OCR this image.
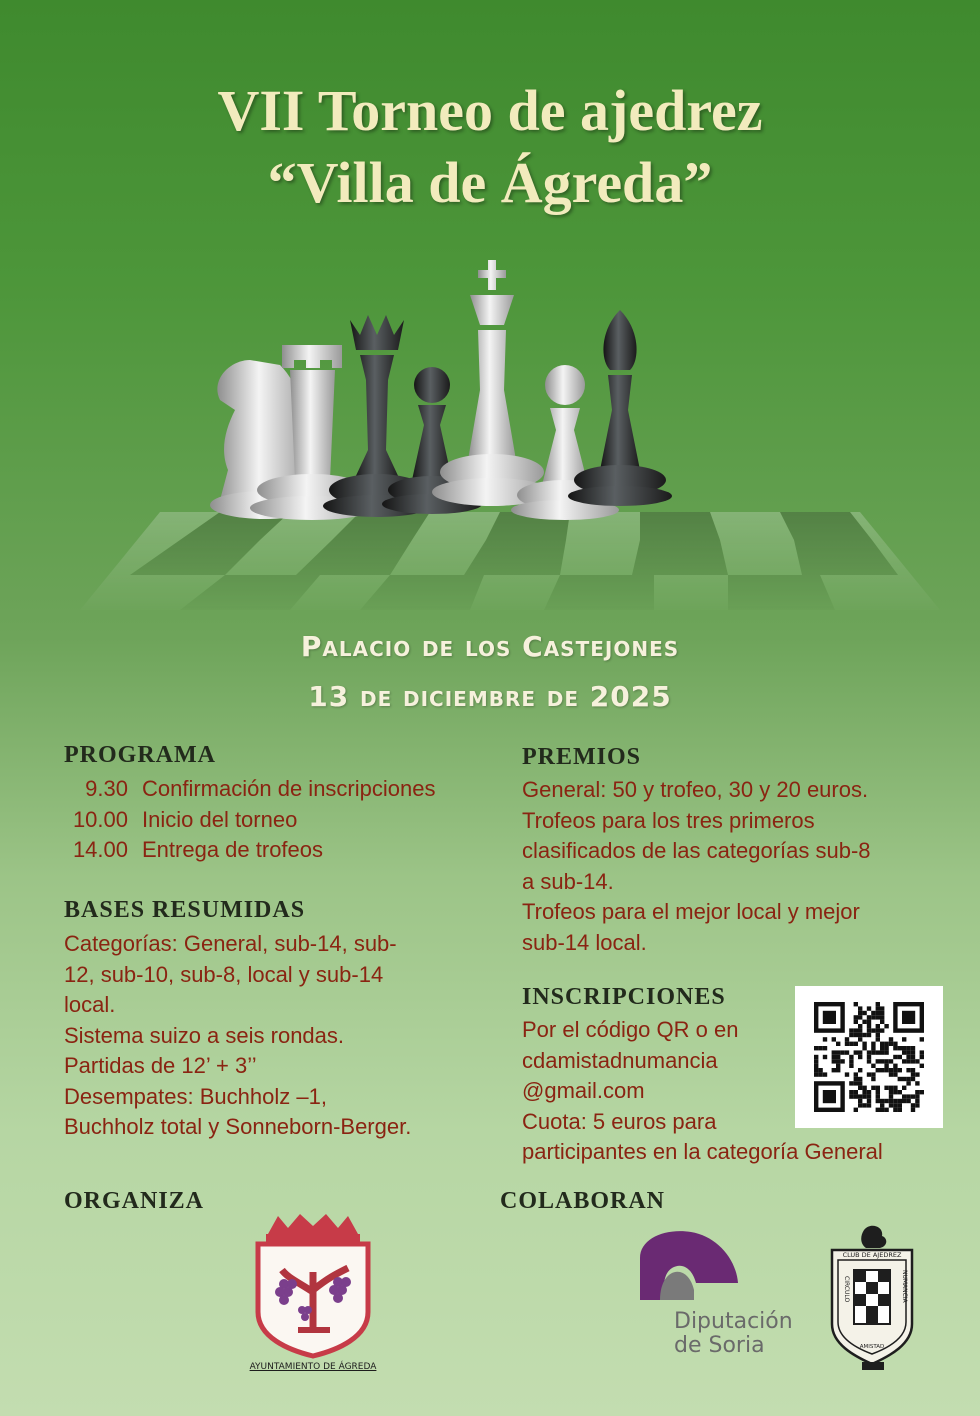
VII Torneo de ajedrez
“Villa de Ágreda”
Palacio de los Castejones
13 de diciembre de 2025
PROGRAMA
9.30 Confirmación de inscripciones
10.00 Inicio del torneo
14.00 Entrega de trofeos
BASES RESUMIDAS
Categorías: General, sub-14, sub-
12, sub-10, sub-8, local y sub-14
local.
Sistema suizo a seis rondas.
Partidas de 12’ + 3’’
Desempates: Buchholz –1,
Buchholz total y Sonneborn-Berger.
PREMIOS
General: 50 y trofeo, 30 y 20 euros.
Trofeos para los tres primeros
clasificados de las categorías sub-8
a sub-14.
Trofeos para el mejor local y mejor
sub-14 local.
INSCRIPCIONES
Por el código QR o en
cdamistadnumancia
@gmail.com
Cuota: 5 euros para
participantes en la categoría General
ORGANIZA
AYUNTAMIENTO DE ÁGREDA
COLABORAN
Diputación
de Soria
CLUB DE AJEDREZ
CIRCULO	NUMANCIA
AMISTAD
